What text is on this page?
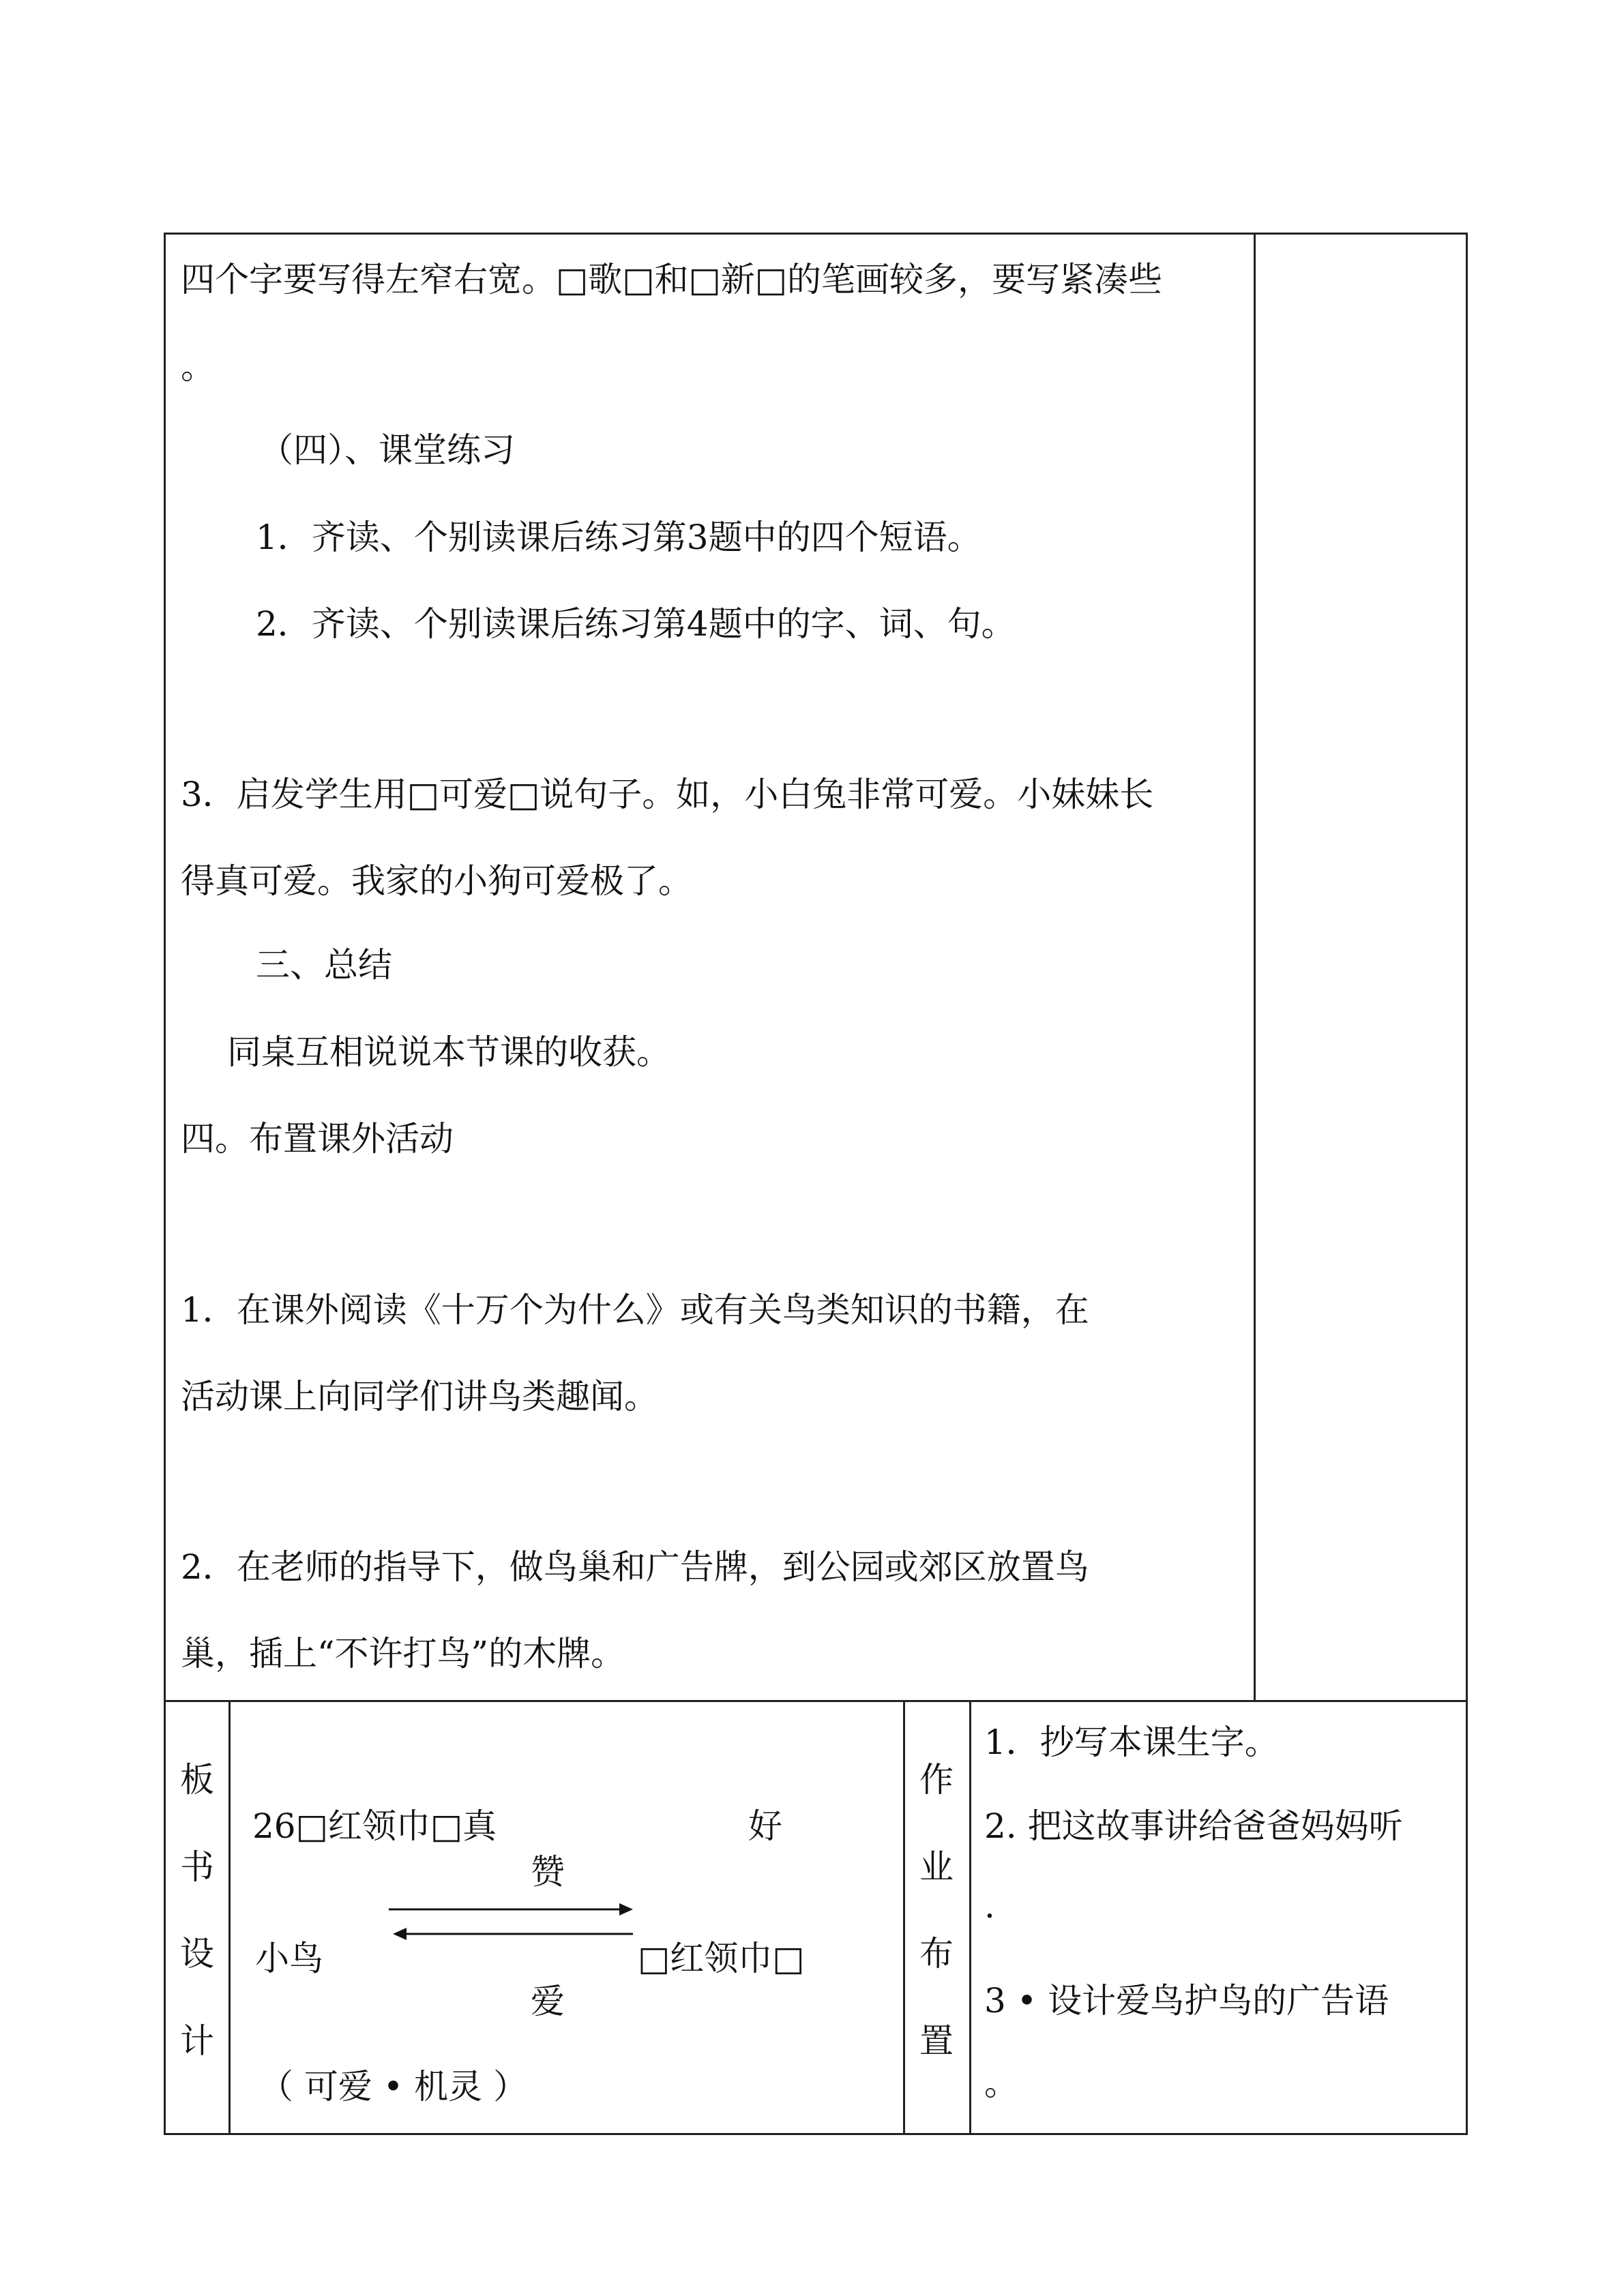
四个字要写得左窄右宽。□歌□和□新□的笔画较多，要写紧凑些
。
（四）、课堂练习
1．齐读、个别读课后练习第3题中的四个短语。
2．齐读、个别读课后练习第4题中的字、词、句。
3．启发学生用□可爱□说句子。如，小白兔非常可爱。小妹妹长
得真可爱。我家的小狗可爱极了。
三、总结
同桌互相说说本节课的收获。
四。布置课外活动
1．在课外阅读《十万个为什么》或有关鸟类知识的书籍，在
活动课上向同学们讲鸟类趣闻。
2．在老师的指导下，做鸟巢和广告牌，到公园或郊区放置鸟
巢，插上“不许打鸟”的木牌。
板
书
设
计
26□红领巾□真	好
赞
小鸟	□红领巾□
爱
（ 可爱 • 机灵 ）
作
业
布
置
1．抄写本课生字。
2. 把这故事讲给爸爸妈妈听
.
3 • 设计爱鸟护鸟的广告语
。
